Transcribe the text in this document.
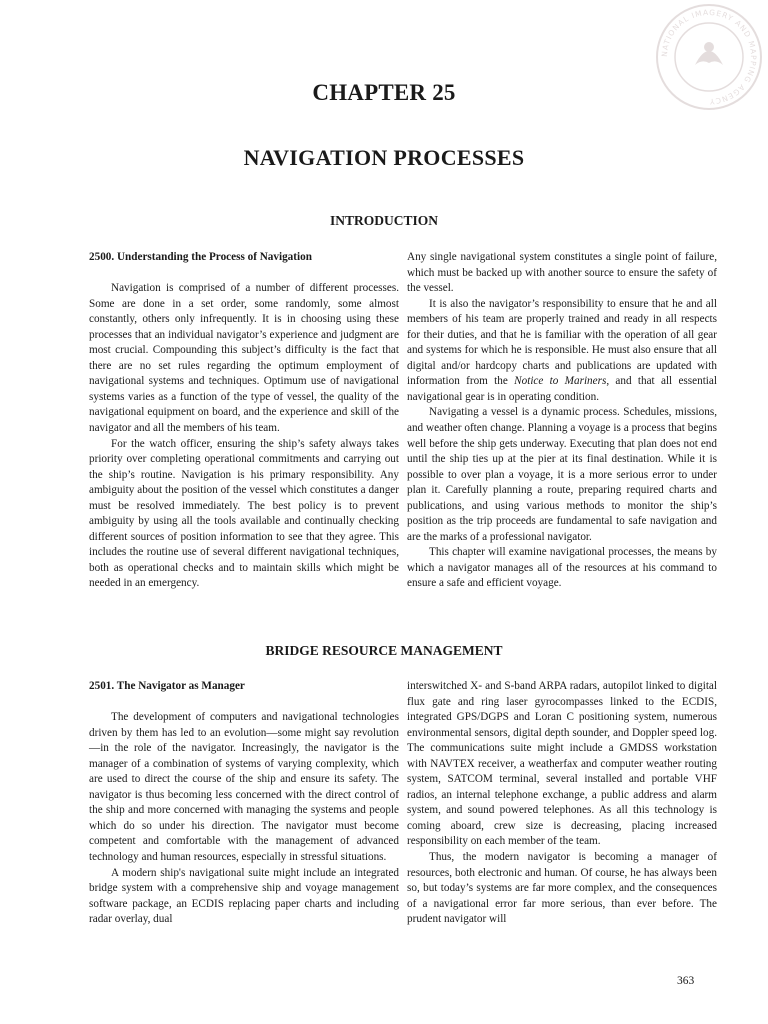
NATIONAL IMAGERY AND MAPPING AGENCY
CHAPTER 25
NAVIGATION PROCESSES
INTRODUCTION
2500. Understanding the Process of Navigation

Navigation is comprised of a number of different processes. Some are done in a set order, some randomly, some almost constantly, others only infrequently. It is in choosing using these processes that an individual navigator’s experience and judgment are most crucial. Compounding this subject’s difficulty is the fact that there are no set rules regarding the optimum employment of navigational systems and techniques. Optimum use of navigational systems varies as a function of the type of vessel, the quality of the navigational equipment on board, and the experience and skill of the navigator and all the members of his team.

For the watch officer, ensuring the ship’s safety always takes priority over completing operational commitments and carrying out the ship’s routine. Navigation is his primary responsibility. Any ambiguity about the position of the vessel which constitutes a danger must be resolved immediately. The best policy is to prevent ambiguity by using all the tools available and continually checking different sources of position information to see that they agree. This includes the routine use of several different navigational techniques, both as operational checks and to maintain skills which might be needed in an emergency.

Any single navigational system constitutes a single point of failure, which must be backed up with another source to ensure the safety of the vessel.

It is also the navigator’s responsibility to ensure that he and all members of his team are properly trained and ready in all respects for their duties, and that he is familiar with the operation of all gear and systems for which he is responsible. He must also ensure that all digital and/or hardcopy charts and publications are updated with information from the Notice to Mariners, and that all essential navigational gear is in operating condition.

Navigating a vessel is a dynamic process. Schedules, missions, and weather often change. Planning a voyage is a process that begins well before the ship gets underway. Executing that plan does not end until the ship ties up at the pier at its final destination. While it is possible to over plan a voyage, it is a more serious error to under plan it. Carefully planning a route, preparing required charts and publications, and using various methods to monitor the ship’s position as the trip proceeds are fundamental to safe navigation and are the marks of a professional navigator.

This chapter will examine navigational processes, the means by which a navigator manages all of the resources at his command to ensure a safe and efficient voyage.

BRIDGE RESOURCE MANAGEMENT
2501. The Navigator as Manager

The development of computers and navigational technologies driven by them has led to an evolution—some might say revolution—in the role of the navigator. Increasingly, the navigator is the manager of a combination of systems of varying complexity, which are used to direct the course of the ship and ensure its safety. The navigator is thus becoming less concerned with the direct control of the ship and more concerned with managing the systems and people which do so under his direction. The navigator must become competent and comfortable with the management of advanced technology and human resources, especially in stressful situations.

A modern ship's navigational suite might include an integrated bridge system with a comprehensive ship and voyage management software package, an ECDIS replacing paper charts and including radar overlay, dual

interswitched X- and S-band ARPA radars, autopilot linked to digital flux gate and ring laser gyrocompasses linked to the ECDIS, integrated GPS/DGPS and Loran C positioning system, numerous environmental sensors, digital depth sounder, and Doppler speed log. The communications suite might include a GMDSS workstation with NAVTEX receiver, a weatherfax and computer weather routing system, SATCOM terminal, several installed and portable VHF radios, an internal telephone exchange, a public address and alarm system, and sound powered telephones. As all this technology is coming aboard, crew size is decreasing, placing increased responsibility on each member of the team.

Thus, the modern navigator is becoming a manager of resources, both electronic and human. Of course, he has always been so, but today’s systems are far more complex, and the consequences of a navigational error far more serious, than ever before. The prudent navigator will

363
